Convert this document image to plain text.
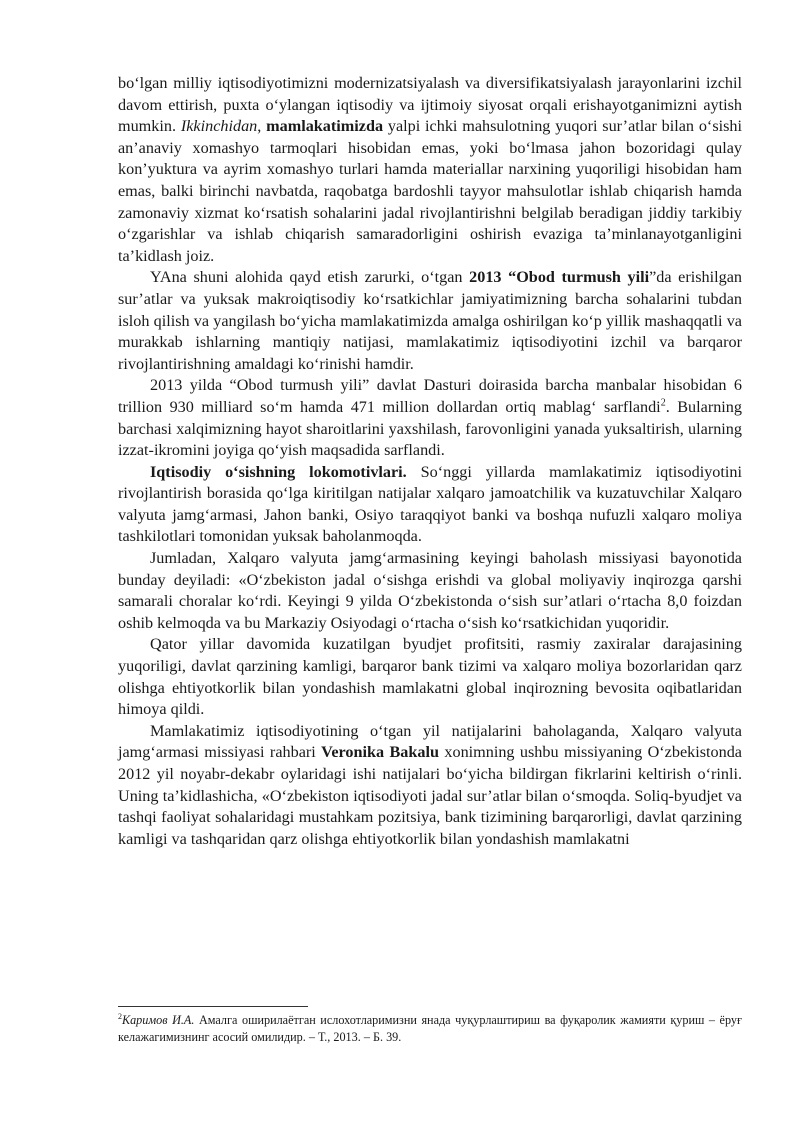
bo‘lgan milliy iqtisodiyotimizni modernizatsiyalash va diversifikatsiyalash jarayonlarini izchil davom ettirish, puxta o‘ylangan iqtisodiy va ijtimoiy siyosat orqali erishayotganimizni aytish mumkin. Ikkinchidan, mamlakatimizda yalpi ichki mahsulotning yuqori sur’atlar bilan o‘sishi an’anaviy xomashyo tarmoqlari hisobidan emas, yoki bo‘lmasa jahon bozoridagi qulay kon’yuktura va ayrim xomashyo turlari hamda materiallar narxining yuqoriligi hisobidan ham emas, balki birinchi navbatda, raqobatga bardoshli tayyor mahsulotlar ishlab chiqarish hamda zamonaviy xizmat ko‘rsatish sohalarini jadal rivojlantirishni belgilab beradigan jiddiy tarkibiy o‘zgarishlar va ishlab chiqarish samaradorligini oshirish evaziga ta’minlanayotganligini ta’kidlash joiz.

YAna shuni alohida qayd etish zarurki, o‘tgan 2013 “Obod turmush yili”da erishilgan sur’atlar va yuksak makroiqtisodiy ko‘rsatkichlar jamiyatimizning barcha sohalarini tubdan isloh qilish va yangilash bo‘yicha mamlakatimizda amalga oshirilgan ko‘p yillik mashaqqatli va murakkab ishlarning mantiqiy natijasi, mamlakatimiz iqtisodiyotini izchil va barqaror rivojlantirishning amaldagi ko‘rinishi hamdir.

2013 yilda “Obod turmush yili” davlat Dasturi doirasida barcha manbalar hisobidan 6 trillion 930 milliard so‘m hamda 471 million dollardan ortiq mablag‘ sarflandi$^2$. Bularning barchasi xalqimizning hayot sharoitlarini yaxshilash, farovonligini yanada yuksaltirish, ularning izzat-ikromini joyiga qo‘yish maqsadida sarflandi.

Iqtisodiy o‘sishning lokomotivlari. So‘nggi yillarda mamlakatimiz iqtisodiyotini rivojlantirish borasida qo‘lga kiritilgan natijalar xalqaro jamoatchilik va kuzatuvchilar Xalqaro valyuta jamg‘armasi, Jahon banki, Osiyo taraqqiyot banki va boshqa nufuzli xalqaro moliya tashkilotlari tomonidan yuksak baholanmoqda.

Jumladan, Xalqaro valyuta jamg‘armasining keyingi baholash missiyasi bayonotida bunday deyiladi: «O‘zbekiston jadal o‘sishga erishdi va global moliyaviy inqirozga qarshi samarali choralar ko‘rdi. Keyingi 9 yilda O‘zbekistonda o‘sish sur’atlari o‘rtacha 8,0 foizdan oshib kelmoqda va bu Markaziy Osiyodagi o‘rtacha o‘sish ko‘rsatkichidan yuqoridir.

Qator yillar davomida kuzatilgan byudjet profitsiti, rasmiy zaxiralar darajasining yuqoriligi, davlat qarzining kamligi, barqaror bank tizimi va xalqaro moliya bozorlaridan qarz olishga ehtiyotkorlik bilan yondashish mamlakatni global inqirozning bevosita oqibatlaridan himoya qildi.

Mamlakatimiz iqtisodiyotining o‘tgan yil natijalarini baholaganda, Xalqaro valyuta jamg‘armasi missiyasi rahbari Veronika Bakalu xonimning ushbu missiyaning O‘zbekistonda 2012 yil noyabr-dekabr oylaridagi ishi natijalari bo‘yicha bildirgan fikrlarini keltirish o‘rinli. Uning ta’kidlashicha, «O‘zbekiston iqtisodiyoti jadal sur’atlar bilan o‘smoqda. Soliq-byudjet va tashqi faoliyat sohalaridagi mustahkam pozitsiya, bank tizimining barqarorligi, davlat qarzining kamligi va tashqaridan qarz olishga ehtiyotkorlik bilan yondashish mamlakatni

$^2$Каримов И.А. Амалга оширилаётган ислохотларимизни янада чуқурлаштириш ва фуқаролик жамияти қуриш – ёруғ келажагимизнинг асосий омилидир. – Т., 2013. – Б. 39.
